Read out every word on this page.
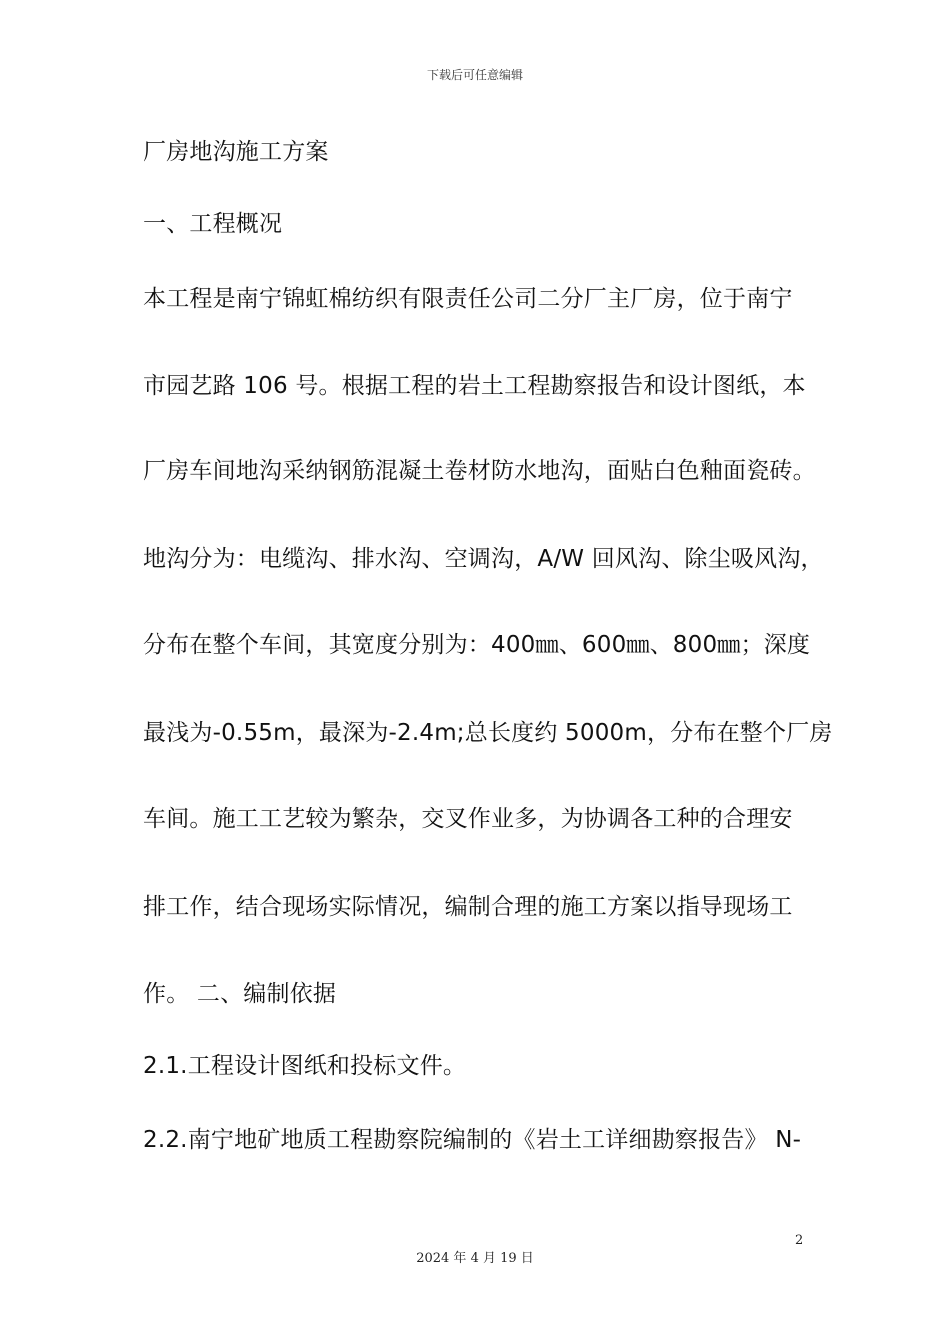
下载后可任意编辑
厂房地沟施工方案
一、工程概况
本工程是南宁锦虹棉纺织有限责任公司二分厂主厂房，位于南宁
市园艺路 106 号。根据工程的岩土工程勘察报告和设计图纸，本
厂房车间地沟采纳钢筋混凝土卷材防水地沟，面贴白色釉面瓷砖。
地沟分为：电缆沟、排水沟、空调沟，A/W 回风沟、除尘吸风沟，
分布在整个车间，其宽度分别为：400㎜、600㎜、800㎜；深度
最浅为-0.55m，最深为-2.4m;总长度约 5000m，分布在整个厂房
车间。施工工艺较为繁杂，交叉作业多，为协调各工种的合理安
排工作，结合现场实际情况，编制合理的施工方案以指导现场工
作。 二、编制依据
2.1.工程设计图纸和投标文件。
2.2.南宁地矿地质工程勘察院编制的《岩土工详细勘察报告》 N-
2
2024 年 4 月 19 日
